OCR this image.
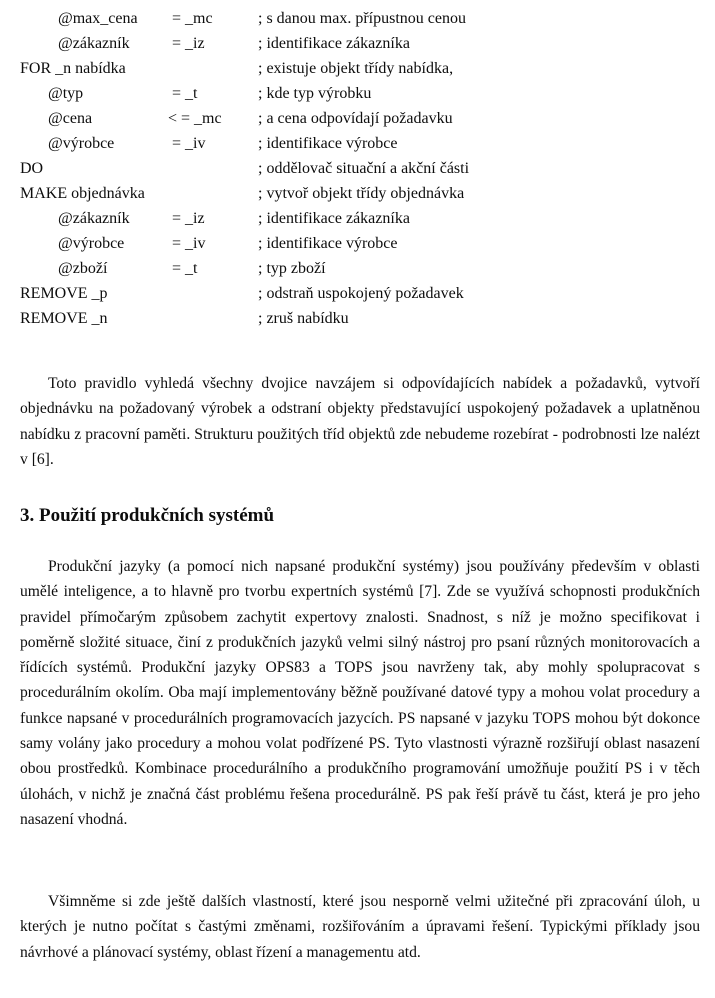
@max_cena = _mc	; s danou max. přípustnou cenou
@zákazník	= _iz	; identifikace zákazníka
FOR _n nabídka	; existuje objekt třídy nabídka,
@typ	= _t	; kde typ výrobku
@cena	< = _mc ; a cena odpovídají požadavku
@výrobce	= _iv	; identifikace výrobce
DO	; oddělovač situační a akční části
MAKE objednávka	; vytvoř objekt třídy objednávka
@zákazník	= _iz	; identifikace zákazníka
@výrobce	= _iv	; identifikace výrobce
@zboží	= _t	; typ zboží
REMOVE _p	; odstraň uspokojený požadavek
REMOVE _n	; zruš nabídku

Toto pravidlo vyhledá všechny dvojice navzájem si odpovídajících nabídek a požadavků, vytvoří objednávku na požadovaný výrobek a odstraní objekty představující uspokojený požadavek a uplatněnou nabídku z pracovní paměti. Strukturu použitých tříd objektů zde nebudeme rozebírat - podrobnosti lze nalézt v [6].

3. Použití produkčních systémů

Produkční jazyky (a pomocí nich napsané produkční systémy) jsou používány především v oblasti umělé inteligence, a to hlavně pro tvorbu expertních systémů [7]. Zde se využívá schopnosti produkčních pravidel přímočarým způsobem zachytit expertovy znalosti. Snadnost, s níž je možno specifikovat i poměrně složité situace, činí z produkčních jazyků velmi silný nástroj pro psaní různých monitorovacích a řídících systémů. Produkční jazyky OPS83 a TOPS jsou navrženy tak, aby mohly spolupracovat s procedurálním okolím. Oba mají implementovány běžně používané datové typy a mohou volat procedury a funkce napsané v procedurálních programovacích jazycích. PS napsané v jazyku TOPS mohou být dokonce samy volány jako procedury a mohou volat podřízené PS. Tyto vlastnosti výrazně rozšiřují oblast nasazení obou prostředků. Kombinace procedurálního a produkčního programování umožňuje použití PS i v těch úlohách, v nichž je značná část problému řešena procedurálně. PS pak řeší právě tu část, která je pro jeho nasazení vhodná.

Všimněme si zde ještě dalších vlastností, které jsou nesporně velmi užitečné při zpracování úloh, u kterých je nutno počítat s častými změnami, rozšiřováním a úpravami řešení. Typickými příklady jsou návrhové a plánovací systémy, oblast řízení a managementu atd.
